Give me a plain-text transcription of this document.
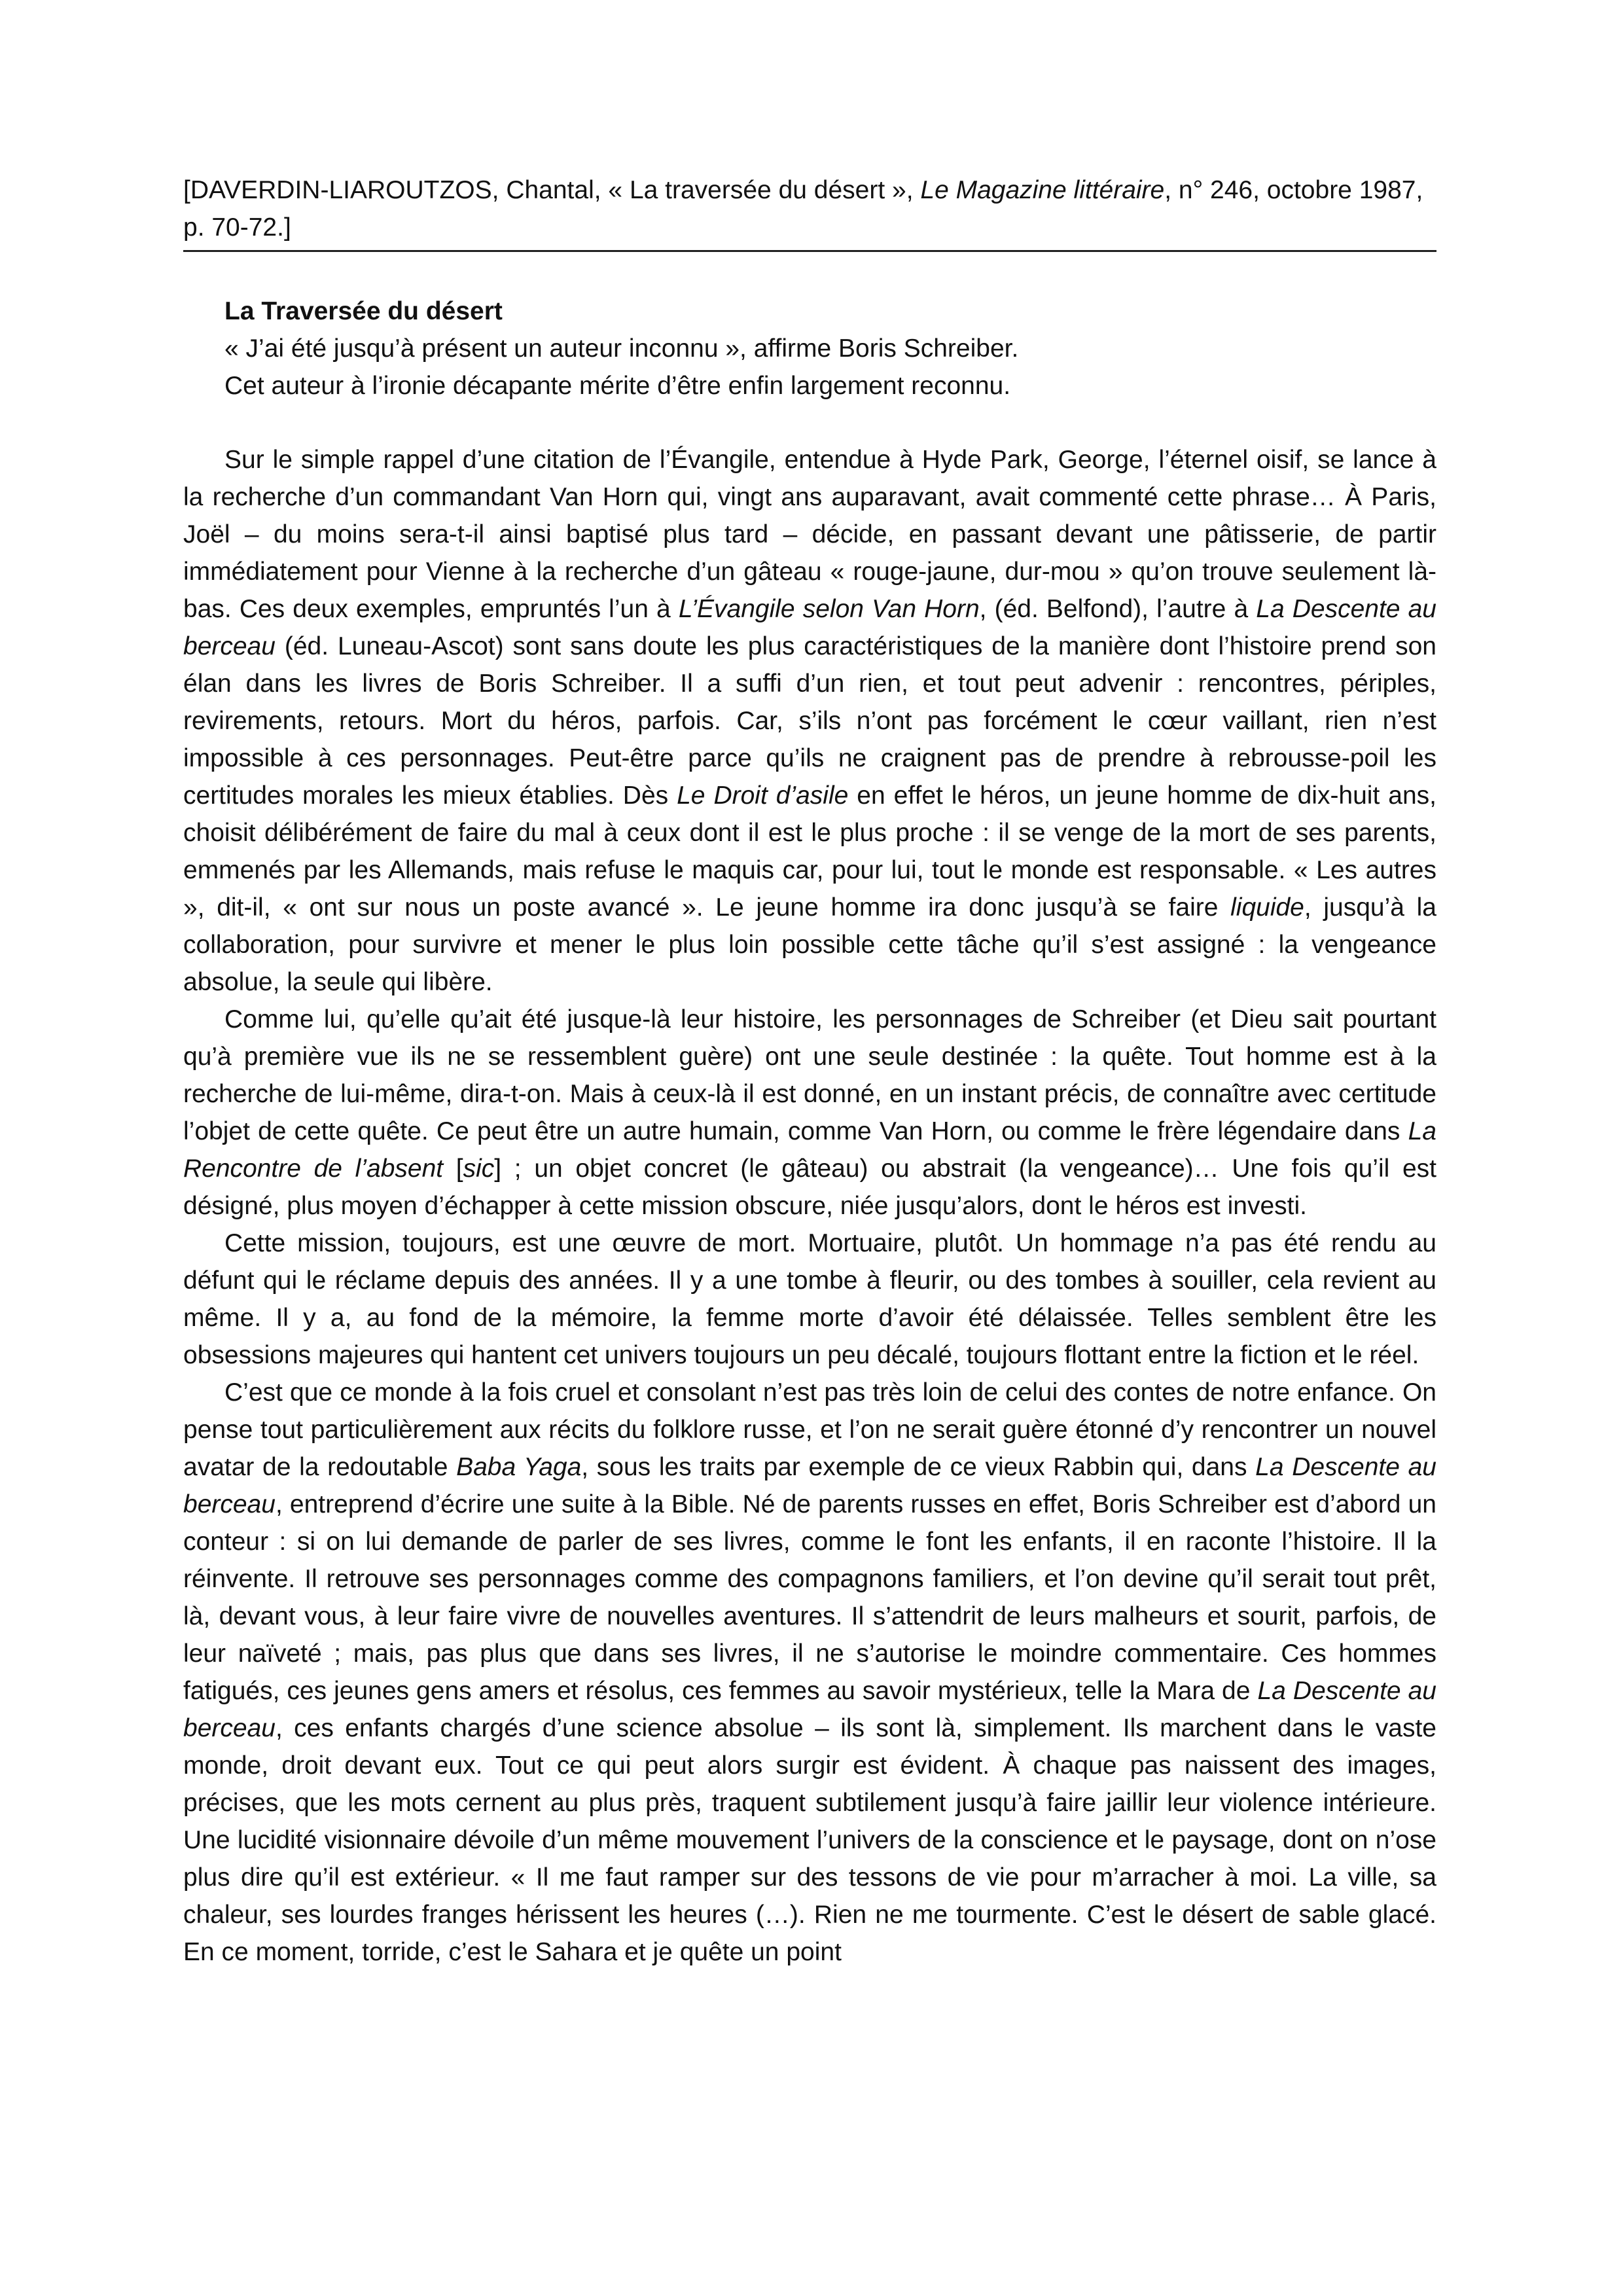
[DAVERDIN-LIAROUTZOS, Chantal, « La traversée du désert », Le Magazine littéraire, n° 246, octobre 1987, p. 70-72.]

La Traversée du désert

« J’ai été jusqu’à présent un auteur inconnu », affirme Boris Schreiber.

Cet auteur à l’ironie décapante mérite d’être enfin largement reconnu.

Sur le simple rappel d’une citation de l’Évangile, entendue à Hyde Park, George, l’éternel oisif, se lance à la recherche d’un commandant Van Horn qui, vingt ans auparavant, avait commenté cette phrase… À Paris, Joël – du moins sera-t-il ainsi baptisé plus tard – décide, en passant devant une pâtisserie, de partir immédiatement pour Vienne à la recherche d’un gâteau « rouge-jaune, dur-mou » qu’on trouve seulement là-bas. Ces deux exemples, empruntés l’un à L’Évangile selon Van Horn, (éd. Belfond), l’autre à La Descente au berceau (éd. Luneau-Ascot) sont sans doute les plus caractéristiques de la manière dont l’histoire prend son élan dans les livres de Boris Schreiber. Il a suffi d’un rien, et tout peut advenir : rencontres, périples, revirements, retours. Mort du héros, parfois. Car, s’ils n’ont pas forcément le cœur vaillant, rien n’est impossible à ces personnages. Peut-être parce qu’ils ne craignent pas de prendre à rebrousse-poil les certitudes morales les mieux établies. Dès Le Droit d’asile en effet le héros, un jeune homme de dix-huit ans, choisit délibérément de faire du mal à ceux dont il est le plus proche : il se venge de la mort de ses parents, emmenés par les Allemands, mais refuse le maquis car, pour lui, tout le monde est responsable. « Les autres », dit-il, « ont sur nous un poste avancé ». Le jeune homme ira donc jusqu’à se faire liquide, jusqu’à la collaboration, pour survivre et mener le plus loin possible cette tâche qu’il s’est assigné : la vengeance absolue, la seule qui libère.

Comme lui, qu’elle qu’ait été jusque-là leur histoire, les personnages de Schreiber (et Dieu sait pourtant qu’à première vue ils ne se ressemblent guère) ont une seule destinée : la quête. Tout homme est à la recherche de lui-même, dira-t-on. Mais à ceux-là il est donné, en un instant précis, de connaître avec certitude l’objet de cette quête. Ce peut être un autre humain, comme Van Horn, ou comme le frère légendaire dans La Rencontre de l’absent [sic] ; un objet concret (le gâteau) ou abstrait (la vengeance)… Une fois qu’il est désigné, plus moyen d’échapper à cette mission obscure, niée jusqu’alors, dont le héros est investi.

Cette mission, toujours, est une œuvre de mort. Mortuaire, plutôt. Un hommage n’a pas été rendu au défunt qui le réclame depuis des années. Il y a une tombe à fleurir, ou des tombes à souiller, cela revient au même. Il y a, au fond de la mémoire, la femme morte d’avoir été délaissée. Telles semblent être les obsessions majeures qui hantent cet univers toujours un peu décalé, toujours flottant entre la fiction et le réel.

C’est que ce monde à la fois cruel et consolant n’est pas très loin de celui des contes de notre enfance. On pense tout particulièrement aux récits du folklore russe, et l’on ne serait guère étonné d’y rencontrer un nouvel avatar de la redoutable Baba Yaga, sous les traits par exemple de ce vieux Rabbin qui, dans La Descente au berceau, entreprend d’écrire une suite à la Bible. Né de parents russes en effet, Boris Schreiber est d’abord un conteur : si on lui demande de parler de ses livres, comme le font les enfants, il en raconte l’histoire. Il la réinvente. Il retrouve ses personnages comme des compagnons familiers, et l’on devine qu’il serait tout prêt, là, devant vous, à leur faire vivre de nouvelles aventures. Il s’attendrit de leurs malheurs et sourit, parfois, de leur naïveté ; mais, pas plus que dans ses livres, il ne s’autorise le moindre commentaire. Ces hommes fatigués, ces jeunes gens amers et résolus, ces femmes au savoir mystérieux, telle la Mara de La Descente au berceau, ces enfants chargés d’une science absolue – ils sont là, simplement. Ils marchent dans le vaste monde, droit devant eux. Tout ce qui peut alors surgir est évident. À chaque pas naissent des images, précises, que les mots cernent au plus près, traquent subtilement jusqu’à faire jaillir leur violence intérieure. Une lucidité visionnaire dévoile d’un même mouvement l’univers de la conscience et le paysage, dont on n’ose plus dire qu’il est extérieur. « Il me faut ramper sur des tessons de vie pour m’arracher à moi. La ville, sa chaleur, ses lourdes franges hérissent les heures (…). Rien ne me tourmente. C’est le désert de sable glacé. En ce moment, torride, c’est le Sahara et je quête un point
